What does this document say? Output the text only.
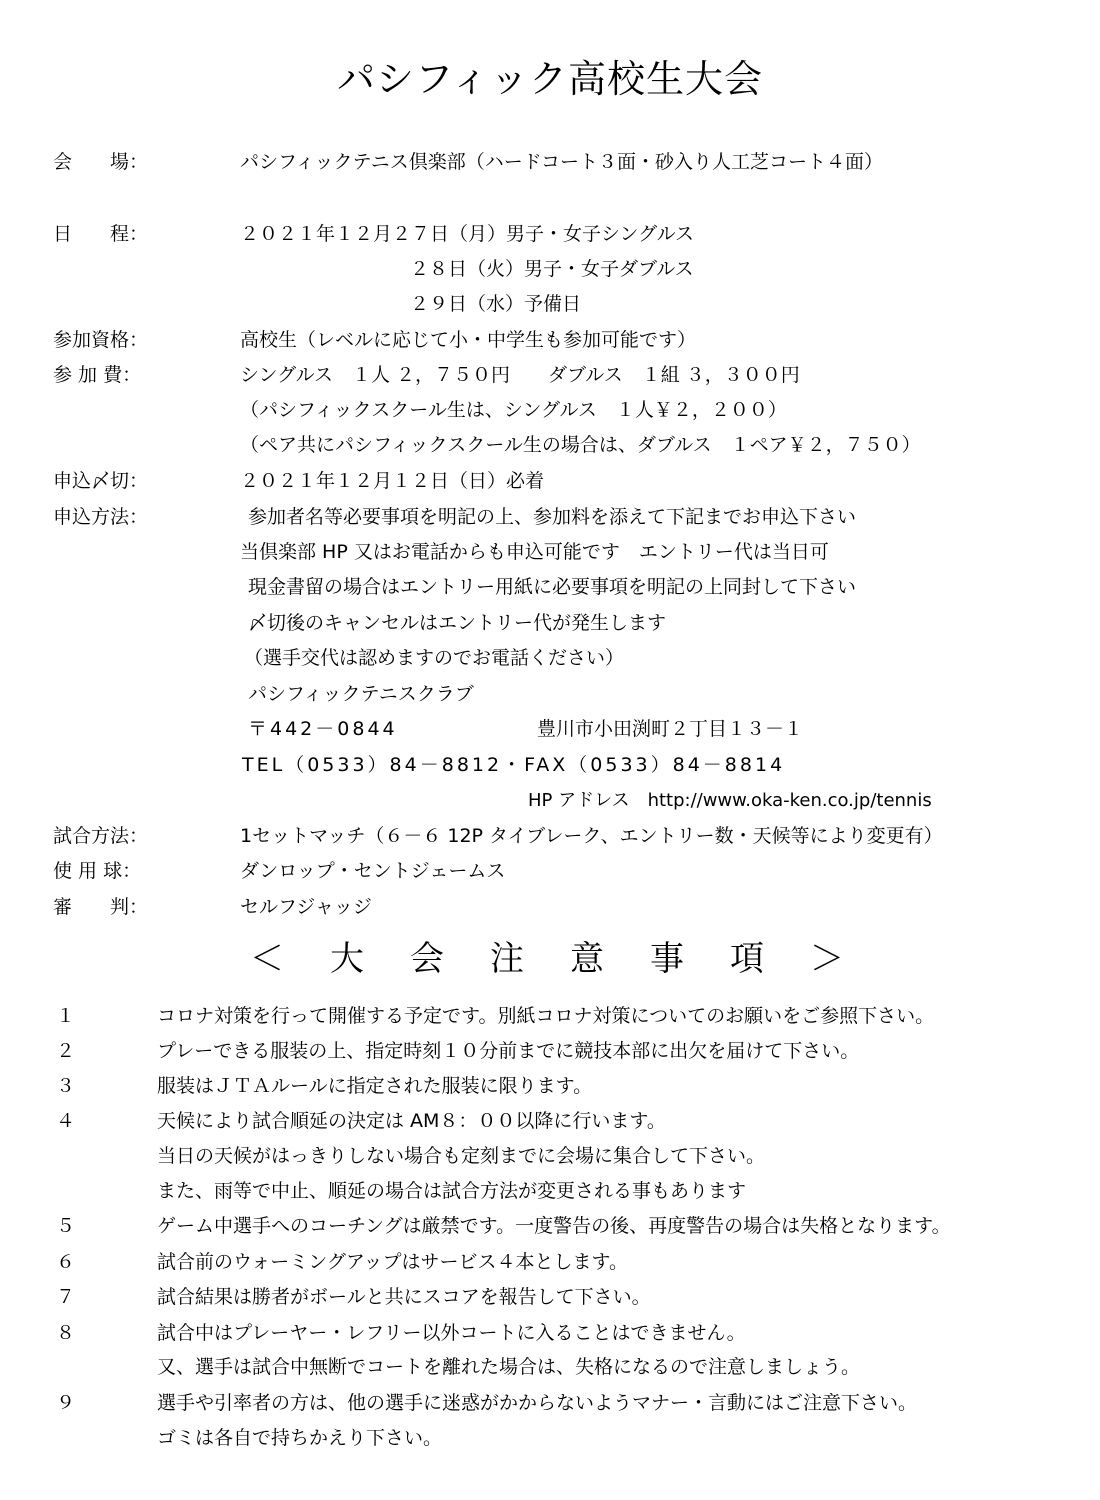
パシフィック高校生大会
会　　場：	パシフィックテニス倶楽部（ハードコート３面・砂入り人工芝コート４面）
日　　程：	２０２１年１２月２７日（月）男子・女子シングルス
２８日（火）男子・女子ダブルス
２９日（水）予備日
参加資格：	高校生（レベルに応じて小・中学生も参加可能です）
参 加 費：	シングルス　１人 ２，７５０円　　ダブルス　１組 ３，３００円
（パシフィックスクール生は、シングルス　１人￥２，２００）
（ペア共にパシフィックスクール生の場合は、ダブルス　１ペア￥２，７５０）
申込〆切：	２０２１年１２月１２日（日）必着
申込方法：	参加者名等必要事項を明記の上、参加料を添えて下記までお申込下さい
当倶楽部 HP 又はお電話からも申込可能です　エントリー代は当日可
現金書留の場合はエントリー用紙に必要事項を明記の上同封して下さい
〆切後のキャンセルはエントリー代が発生します
（選手交代は認めますのでお電話ください）
パシフィックテニスクラブ
〒442－0844	豊川市小田渕町２丁目１３－１
TEL（0533）84－8812・FAX（0533）84－8814
HP アドレス　http://www.oka-ken.co.jp/tennis
試合方法：	1セットマッチ（６－６ 12P タイブレーク、エントリー数・天候等により変更有）
使 用 球：	ダンロップ・セントジェームス
審　　判：	セルフジャッジ
＜　大　会　注　意　事　項　＞
１	コロナ対策を行って開催する予定です。別紙コロナ対策についてのお願いをご参照下さい。
２	プレーできる服装の上、指定時刻１０分前までに競技本部に出欠を届けて下さい。
３	服装はＪＴＡルールに指定された服装に限ります。
４	天候により試合順延の決定は AM８：００以降に行います。
当日の天候がはっきりしない場合も定刻までに会場に集合して下さい。
また、雨等で中止、順延の場合は試合方法が変更される事もあります
５	ゲーム中選手へのコーチングは厳禁です。一度警告の後、再度警告の場合は失格となります。
６	試合前のウォーミングアップはサービス４本とします。
７	試合結果は勝者がボールと共にスコアを報告して下さい。
８	試合中はプレーヤー・レフリー以外コートに入ることはできません。
又、選手は試合中無断でコートを離れた場合は、失格になるので注意しましょう。
９	選手や引率者の方は、他の選手に迷惑がかからないようマナー・言動にはご注意下さい。
ゴミは各自で持ちかえり下さい。
